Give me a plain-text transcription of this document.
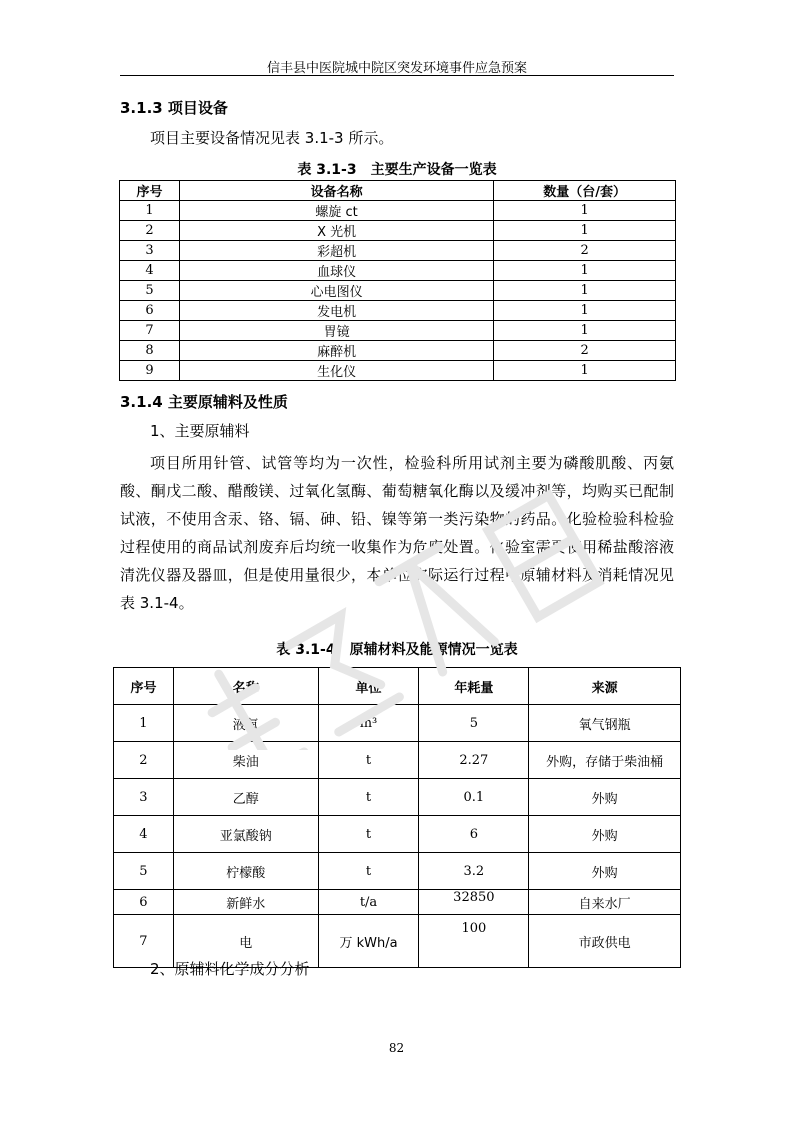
信丰县中医院城中院区突发环境事件应急预案
3.1.3 项目设备
项目主要设备情况见表 3.1-3 所示。
表 3.1-3　主要生产设备一览表
序号	设备名称	数量（台/套）
1	螺旋 ct	1
2	X 光机	1
3	彩超机	2
4	血球仪	1
5	心电图仪	1
6	发电机	1
7	胃镜	1
8	麻醉机	2
9	生化仪	1
3.1.4 主要原辅料及性质
1、主要原辅料
项目所用针管、试管等均为一次性，检验科所用试剂主要为磷酸肌酸、丙氨酸、酮戊二酸、醋酸镁、过氧化氢酶、葡萄糖氧化酶以及缓冲剂等，均购买已配制试液，不使用含汞、铬、镉、砷、铅、镍等第一类污染物的药品。化验检验科检验过程使用的商品试剂废弃后均统一收集作为危废处置。化验室需要使用稀盐酸溶液清洗仪器及器皿，但是使用量很少，本单位实际运行过程中原辅材料及消耗情况见表 3.1-4。
表 3.1-4　原辅材料及能源情况一览表
序号	名称	单位	年耗量	来源
1	液氧	m³	5	氧气钢瓶
2	柴油	t	2.27	外购，存储于柴油桶
3	乙醇	t	0.1	外购
4	亚氯酸钠	t	6	外购
5	柠檬酸	t	3.2	外购
6	新鲜水	t/a	32850	自来水厂
7	电	万 kWh/a	100	市政供电
2、原辅料化学成分分析
82
